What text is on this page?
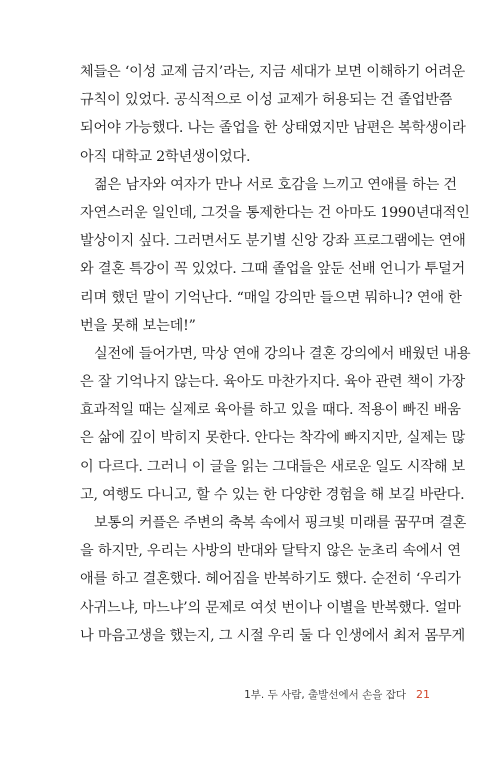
체들은 ‘이성 교제 금지’라는, 지금 세대가 보면 이해하기 어려운
규칙이 있었다. 공식적으로 이성 교제가 허용되는 건 졸업반쯤
되어야 가능했다. 나는 졸업을 한 상태였지만 남편은 복학생이라
아직 대학교 2학년생이었다.
젊은 남자와 여자가 만나 서로 호감을 느끼고 연애를 하는 건
자연스러운 일인데, 그것을 통제한다는 건 아마도 1990년대적인
발상이지 싶다. 그러면서도 분기별 신앙 강좌 프로그램에는 연애
와 결혼 특강이 꼭 있었다. 그때 졸업을 앞둔 선배 언니가 투덜거
리며 했던 말이 기억난다. “매일 강의만 들으면 뭐하니? 연애 한
번을 못해 보는데!”
실전에 들어가면, 막상 연애 강의나 결혼 강의에서 배웠던 내용
은 잘 기억나지 않는다. 육아도 마찬가지다. 육아 관련 책이 가장
효과적일 때는 실제로 육아를 하고 있을 때다. 적용이 빠진 배움
은 삶에 깊이 박히지 못한다. 안다는 착각에 빠지지만, 실제는 많
이 다르다. 그러니 이 글을 읽는 그대들은 새로운 일도 시작해 보
고, 여행도 다니고, 할 수 있는 한 다양한 경험을 해 보길 바란다.
보통의 커플은 주변의 축복 속에서 핑크빛 미래를 꿈꾸며 결혼
을 하지만, 우리는 사방의 반대와 달탁지 않은 눈초리 속에서 연
애를 하고 결혼했다. 헤어짐을 반복하기도 했다. 순전히 ‘우리가
사귀느냐, 마느냐’의 문제로 여섯 번이나 이별을 반복했다. 얼마
나 마음고생을 했는지, 그 시절 우리 둘 다 인생에서 최저 몸무게
1부. 두 사람, 출발선에서 손을 잡다 21
